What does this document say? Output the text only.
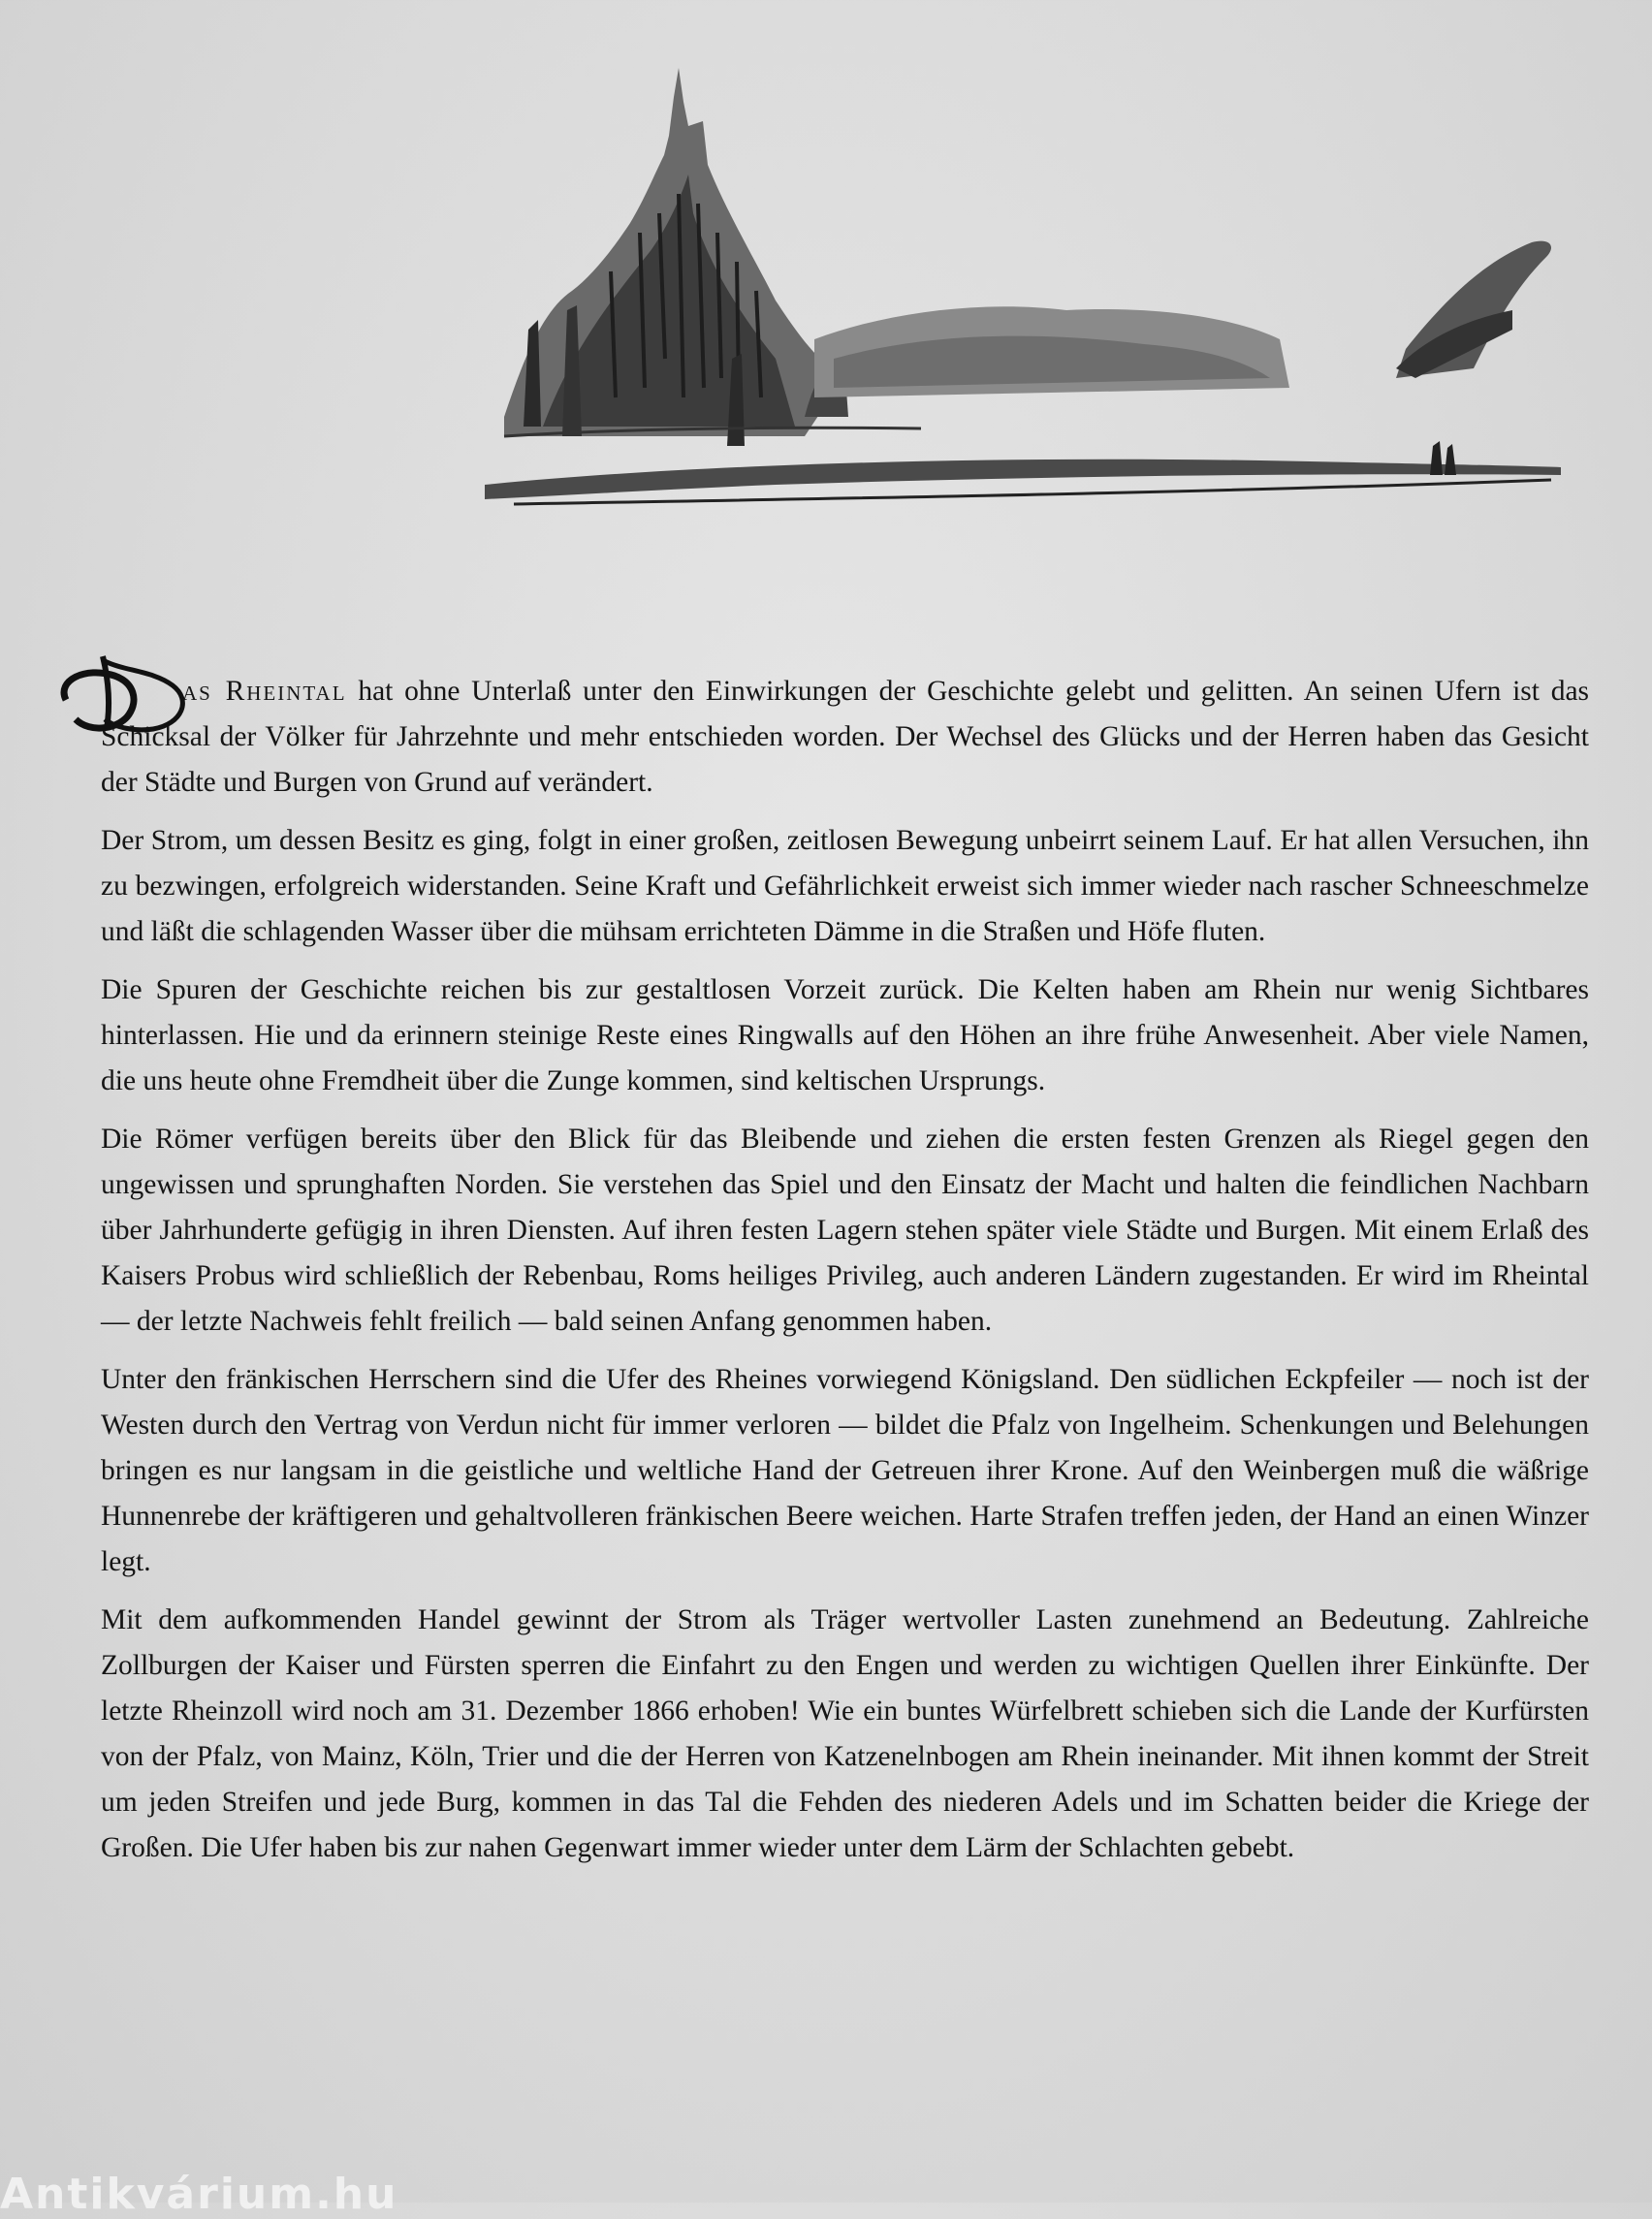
as Rheintal hat ohne Unterlaß unter den Einwirkungen der Geschichte gelebt und gelitten. An seinen Ufern ist das Schicksal der Völker für Jahrzehnte und mehr entschieden worden. Der Wechsel des Glücks und der Herren haben das Gesicht der Städte und Burgen von Grund auf verändert.

Der Strom, um dessen Besitz es ging, folgt in einer großen, zeitlosen Bewegung unbeirrt seinem Lauf. Er hat allen Versuchen, ihn zu bezwingen, erfolgreich widerstanden. Seine Kraft und Gefährlichkeit erweist sich immer wieder nach rascher Schneeschmelze und läßt die schlagenden Wasser über die mühsam errichteten Dämme in die Straßen und Höfe fluten.

Die Spuren der Geschichte reichen bis zur gestaltlosen Vorzeit zurück. Die Kelten haben am Rhein nur wenig Sichtbares hinterlassen. Hie und da erinnern steinige Reste eines Ringwalls auf den Höhen an ihre frühe Anwesenheit. Aber viele Namen, die uns heute ohne Fremdheit über die Zunge kommen, sind keltischen Ursprungs.

Die Römer verfügen bereits über den Blick für das Bleibende und ziehen die ersten festen Grenzen als Riegel gegen den ungewissen und sprunghaften Norden. Sie verstehen das Spiel und den Einsatz der Macht und halten die feindlichen Nachbarn über Jahrhunderte gefügig in ihren Diensten. Auf ihren festen Lagern stehen später viele Städte und Burgen. Mit einem Erlaß des Kaisers Probus wird schließlich der Rebenbau, Roms heiliges Privileg, auch anderen Ländern zugestanden. Er wird im Rheintal — der letzte Nachweis fehlt freilich — bald seinen Anfang genommen haben.

Unter den fränkischen Herrschern sind die Ufer des Rheines vorwiegend Königsland. Den südlichen Eckpfeiler — noch ist der Westen durch den Vertrag von Verdun nicht für immer verloren — bildet die Pfalz von Ingelheim. Schenkungen und Belehungen bringen es nur langsam in die geistliche und weltliche Hand der Getreuen ihrer Krone. Auf den Weinbergen muß die wäßrige Hunnenrebe der kräftigeren und gehaltvolleren fränkischen Beere weichen. Harte Strafen treffen jeden, der Hand an einen Winzer legt.

Mit dem aufkommenden Handel gewinnt der Strom als Träger wertvoller Lasten zunehmend an Bedeutung. Zahlreiche Zollburgen der Kaiser und Fürsten sperren die Einfahrt zu den Engen und werden zu wichtigen Quellen ihrer Einkünfte. Der letzte Rheinzoll wird noch am 31. Dezember 1866 erhoben! Wie ein buntes Würfelbrett schieben sich die Lande der Kurfürsten von der Pfalz, von Mainz, Köln, Trier und die der Herren von Katzenelnbogen am Rhein ineinander. Mit ihnen kommt der Streit um jeden Streifen und jede Burg, kommen in das Tal die Fehden des niederen Adels und im Schatten beider die Kriege der Großen. Die Ufer haben bis zur nahen Gegenwart immer wieder unter dem Lärm der Schlachten gebebt.

Antikvárium.hu
